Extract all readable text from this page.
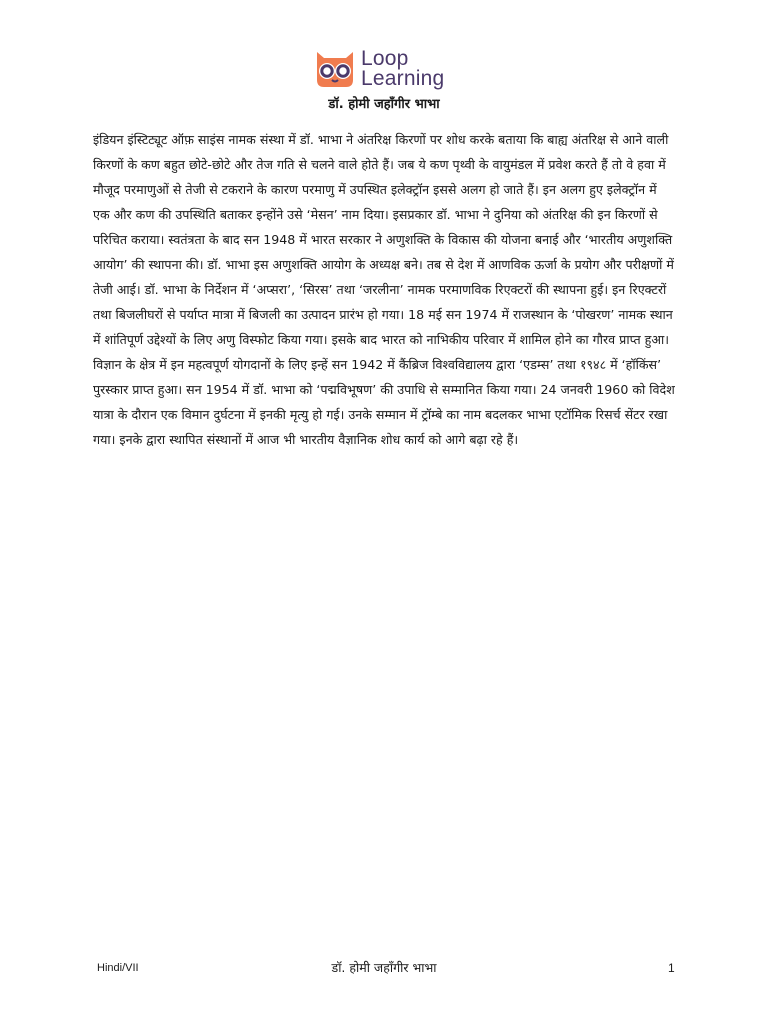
Loop
Learning
डॉ. होमी जहाँगीर भाभा

इंडियन इंस्टिट्यूट ऑफ़ साइंस नामक संस्था में डॉ. भाभा ने अंतरिक्ष किरणों पर शोध करके बताया कि बाह्य अंतरिक्ष से आने वाली किरणों के कण बहुत छोटे-छोटे और तेज गति से चलने वाले होते हैं। जब ये कण पृथ्वी के वायुमंडल में प्रवेश करते हैं तो वे हवा में मौजूद परमाणुओं से तेजी से टकराने के कारण परमाणु में उपस्थित इलेक्ट्रॉन इससे अलग हो जाते हैं। इन अलग हुए इलेक्ट्रॉन में एक और कण की उपस्थिति बताकर इन्होंने उसे ‘मेसन’ नाम दिया। इसप्रकार डॉ. भाभा ने दुनिया को अंतरिक्ष की इन किरणों से परिचित कराया। स्वतंत्रता के बाद सन 1948 में भारत सरकार ने अणुशक्ति के विकास की योजना बनाई और ‘भारतीय अणुशक्ति आयोग’ की स्थापना की। डॉ. भाभा इस अणुशक्ति आयोग के अध्यक्ष बने। तब से देश में आणविक ऊर्जा के प्रयोग और परीक्षणों में तेजी आई। डॉ. भाभा के निर्देशन में ‘अप्सरा’, ‘सिरस’ तथा ‘जरलीना’ नामक परमाणविक रिएक्टरों की स्थापना हुई। इन रिएक्टरों तथा बिजलीघरों से पर्याप्त मात्रा में बिजली का उत्पादन प्रारंभ हो गया। 18 मई सन 1974 में राजस्थान के ‘पोखरण’ नामक स्थान में शांतिपूर्ण उद्देश्यों के लिए अणु विस्फोट किया गया। इसके बाद भारत को नाभिकीय परिवार में शामिल होने का गौरव प्राप्त हुआ। विज्ञान के क्षेत्र में इन महत्वपूर्ण योगदानों के लिए इन्हें सन 1942 में कैंब्रिज विश्वविद्यालय द्वारा ‘एडम्स’ तथा १९४८ में ‘हॉकिंस’ पुरस्कार प्राप्त हुआ। सन 1954 में डॉ. भाभा को ‘पद्मविभूषण’ की उपाधि से सम्मानित किया गया। 24 जनवरी 1960 को विदेश यात्रा के दौरान एक विमान दुर्घटना में इनकी मृत्यु हो गई। उनके सम्मान में ट्रॉम्बे का नाम बदलकर भाभा एटॉमिक रिसर्च सेंटर रखा गया। इनके द्वारा स्थापित संस्थानों में आज भी भारतीय वैज्ञानिक शोध कार्य को आगे बढ़ा रहे हैं।

Hindi/VII	डॉ. होमी जहाँगीर भाभा	1
